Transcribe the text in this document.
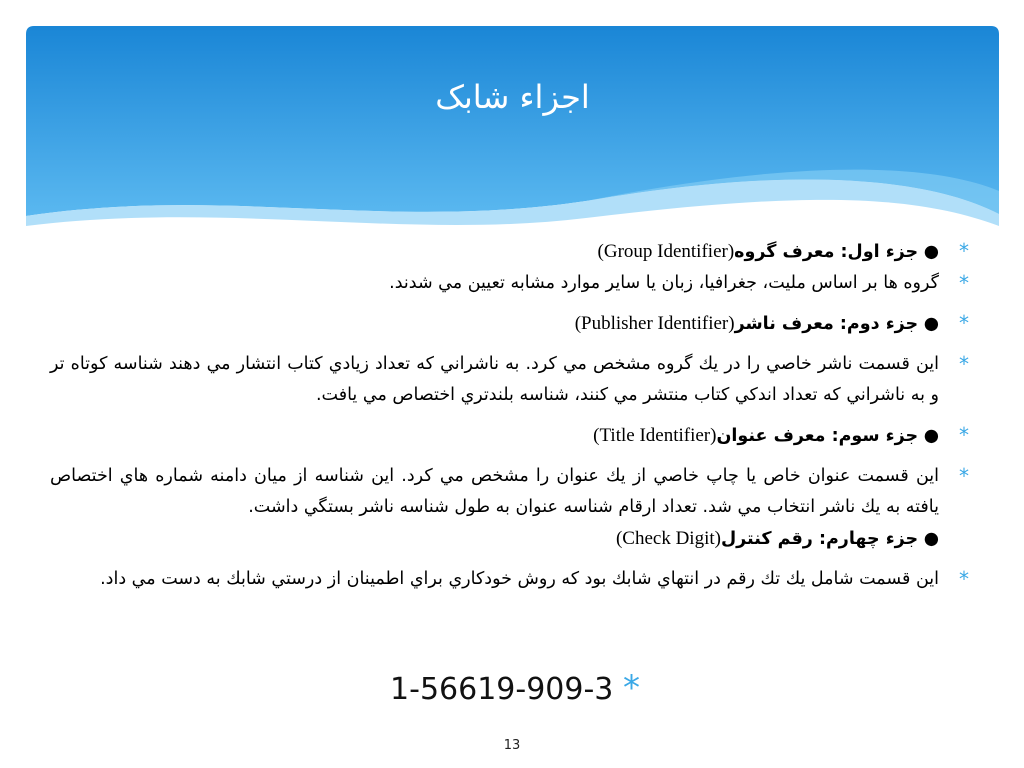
اجزاء شابک
*
● جزء اول: معرف گروه(Group Identifier)
*
گروه ها بر اساس مليت، جغرافيا، زبان يا ساير موارد مشابه تعيين مي شدند.
*
● جزء دوم: معرف ناشر(Publisher Identifier)
*
اين قسمت ناشر خاصي را در يك گروه مشخص مي كرد. به ناشراني كه تعداد زيادي كتاب انتشار مي دهند شناسه كوتاه تر و به ناشراني كه تعداد اندكي كتاب منتشر مي كنند، شناسه بلندتري اختصاص مي يافت.
*
● جزء سوم: معرف عنوان(Title Identifier)
*
اين قسمت عنوان خاص يا چاپ خاصي از يك عنوان را مشخص مي كرد. اين شناسه از ميان دامنه شماره هاي اختصاص يافته به يك ناشر انتخاب مي شد. تعداد ارقام شناسه عنوان به طول شناسه ناشر بستگي داشت.
● جزء چهارم: رقم كنترل(Check Digit)
*
اين قسمت شامل يك تك رقم در انتهاي شابك بود كه روش خودكاري براي اطمينان از درستي شابك به دست مي داد.
1-56619-909-3 *
13
